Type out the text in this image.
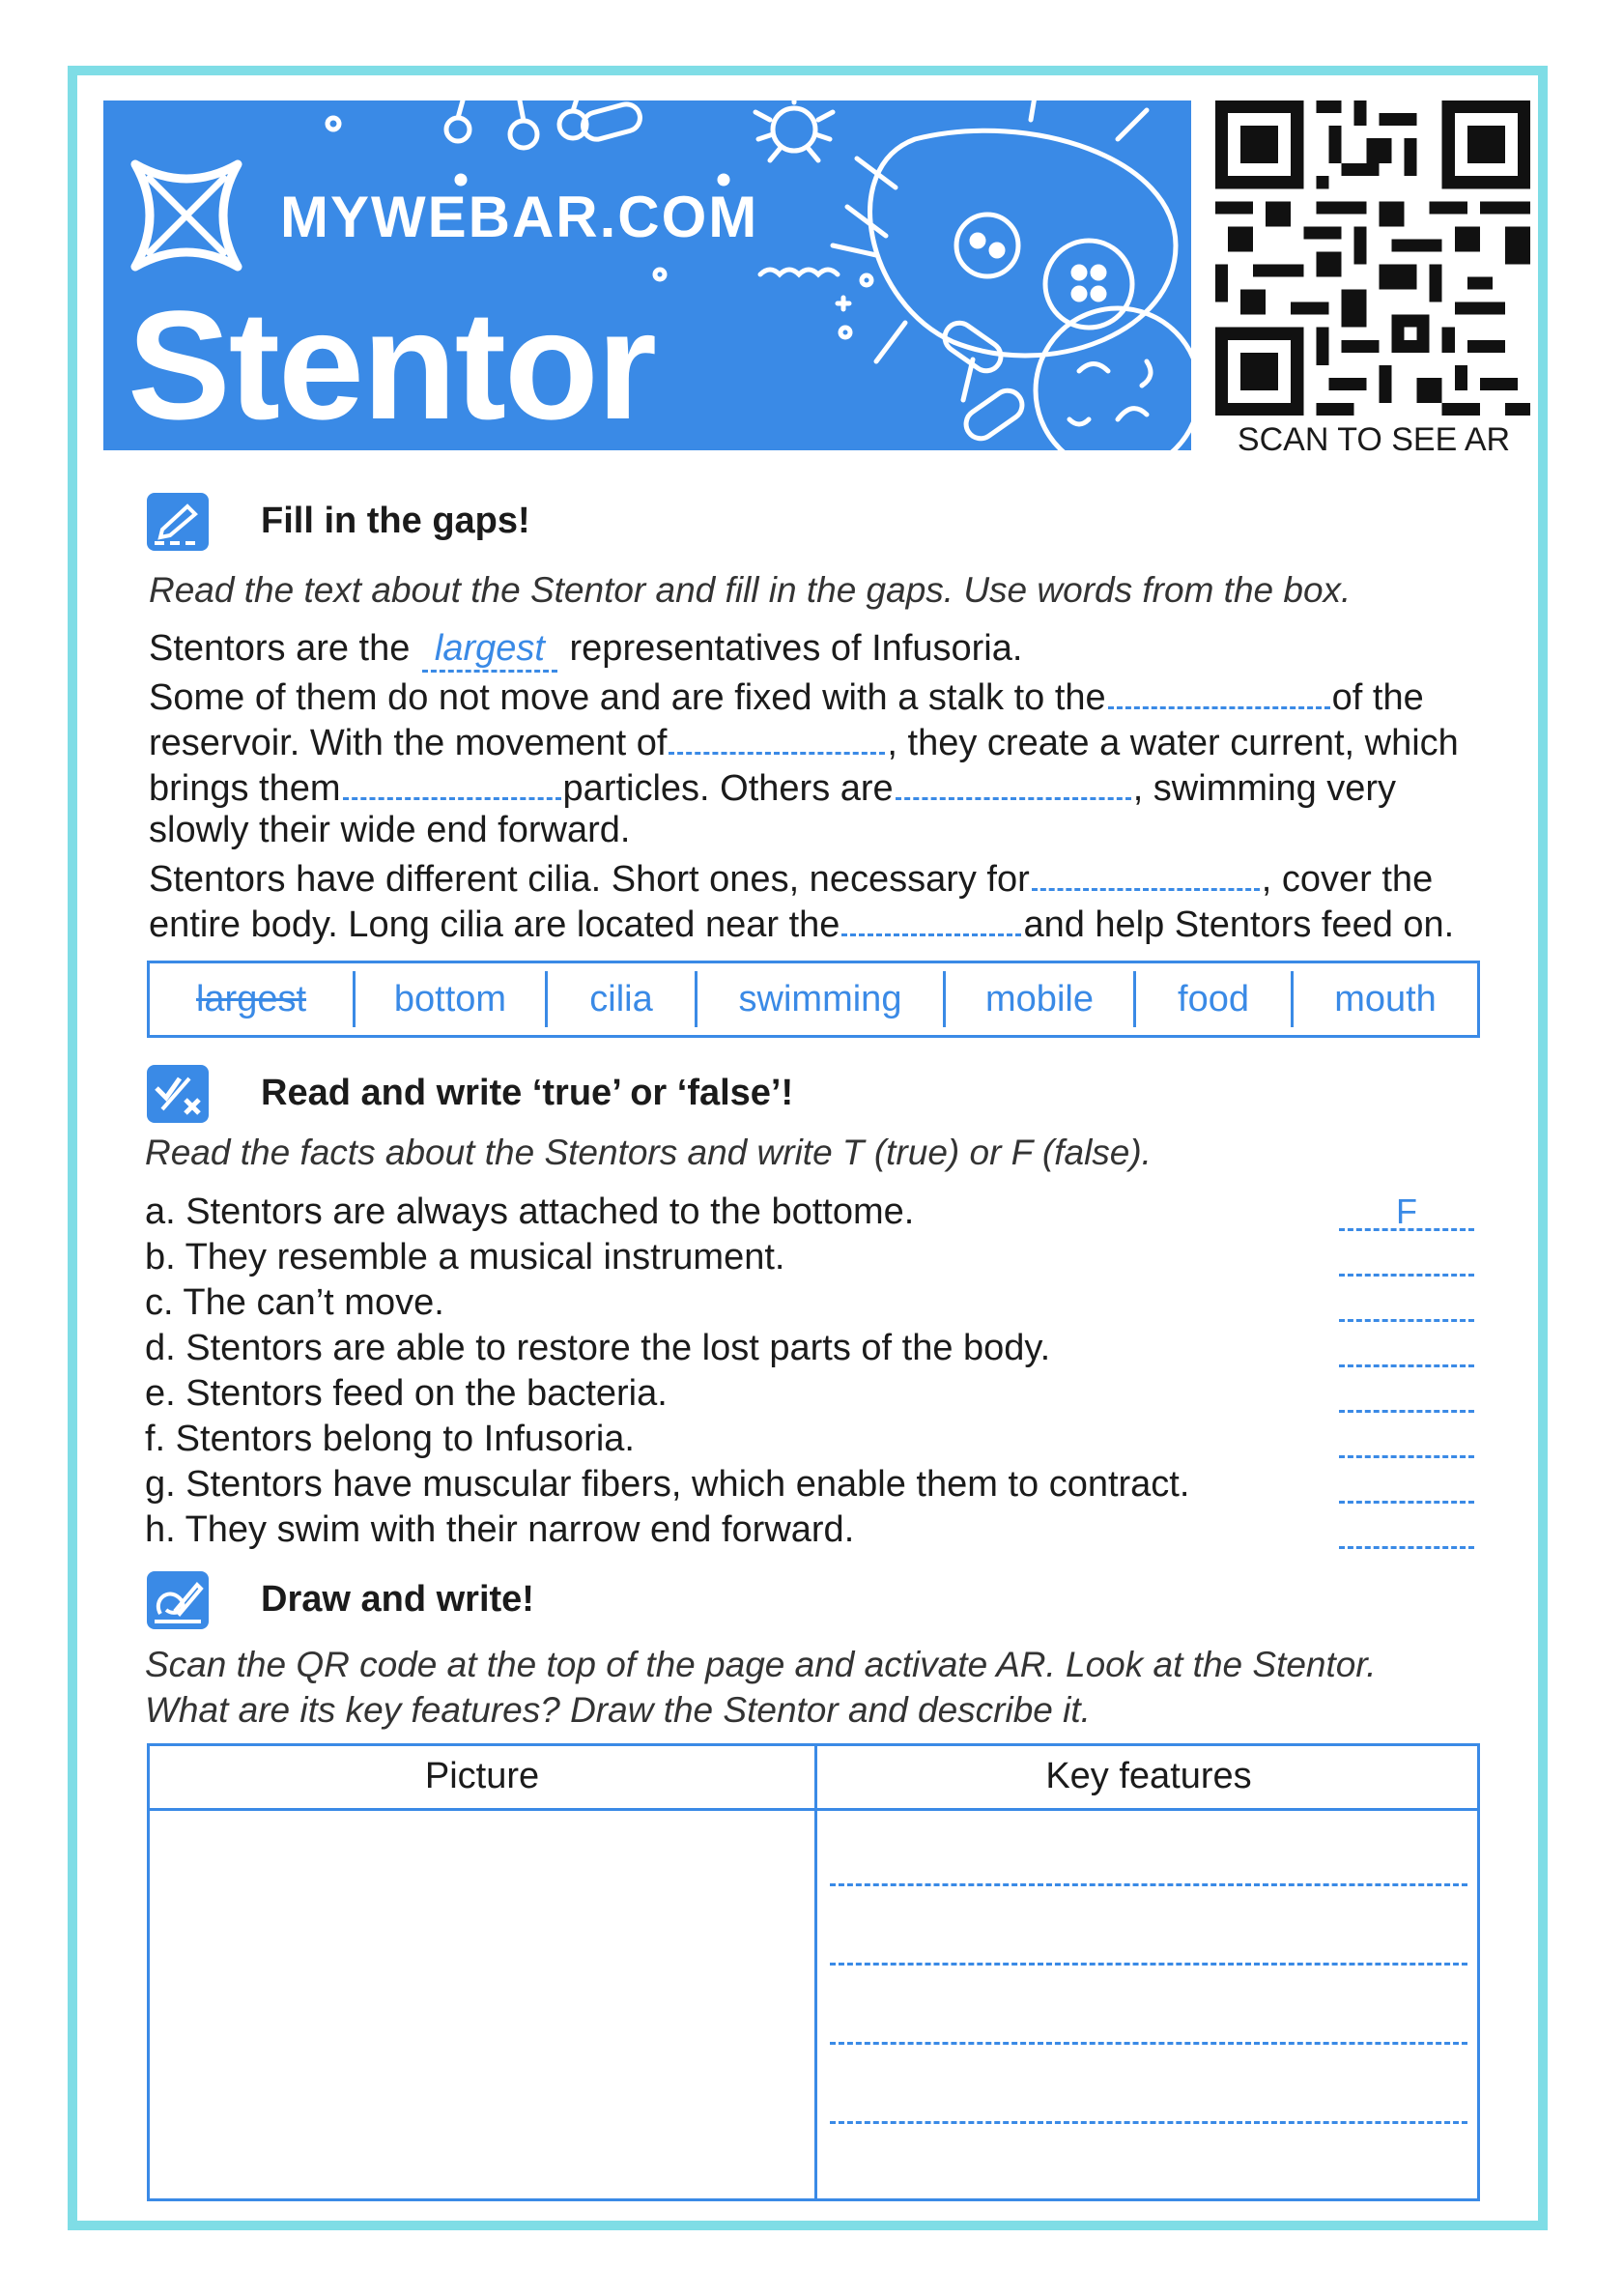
MYWEBAR.COM
Stentor	SCAN TO SEE AR
Fill in the gaps!
Read the text about the Stentor and fill in the gaps. Use words from the box.
Stentors are the largest representatives of Infusoria.
Some of them do not move and are fixed with a stalk to the	of the
reservoir. With the movement of	, they create a water current, which
brings them	particles. Others are	, swimming very
slowly their wide end forward.
Stentors have different cilia. Short ones, necessary for	, cover the
entire body. Long cilia are located near the	and help Stentors feed on.
largest	bottom	cilia	swimming	mobile	food	mouth
Read and write ‘true’ or ‘false’!
Read the facts about the Stentors and write T (true) or F (false).
a. Stentors are always attached to the bottome.	F
b. They resemble a musical instrument.
c. The can’t move.
d. Stentors are able to restore the lost parts of the body.
e. Stentors feed on the bacteria.
f. Stentors belong to Infusoria.
g. Stentors have muscular fibers, which enable them to contract.
h. They swim with their narrow end forward.
Draw and write!
Scan the QR code at the top of the page and activate AR. Look at the Stentor.
What are its key features? Draw the Stentor and describe it.
Picture	Key features
